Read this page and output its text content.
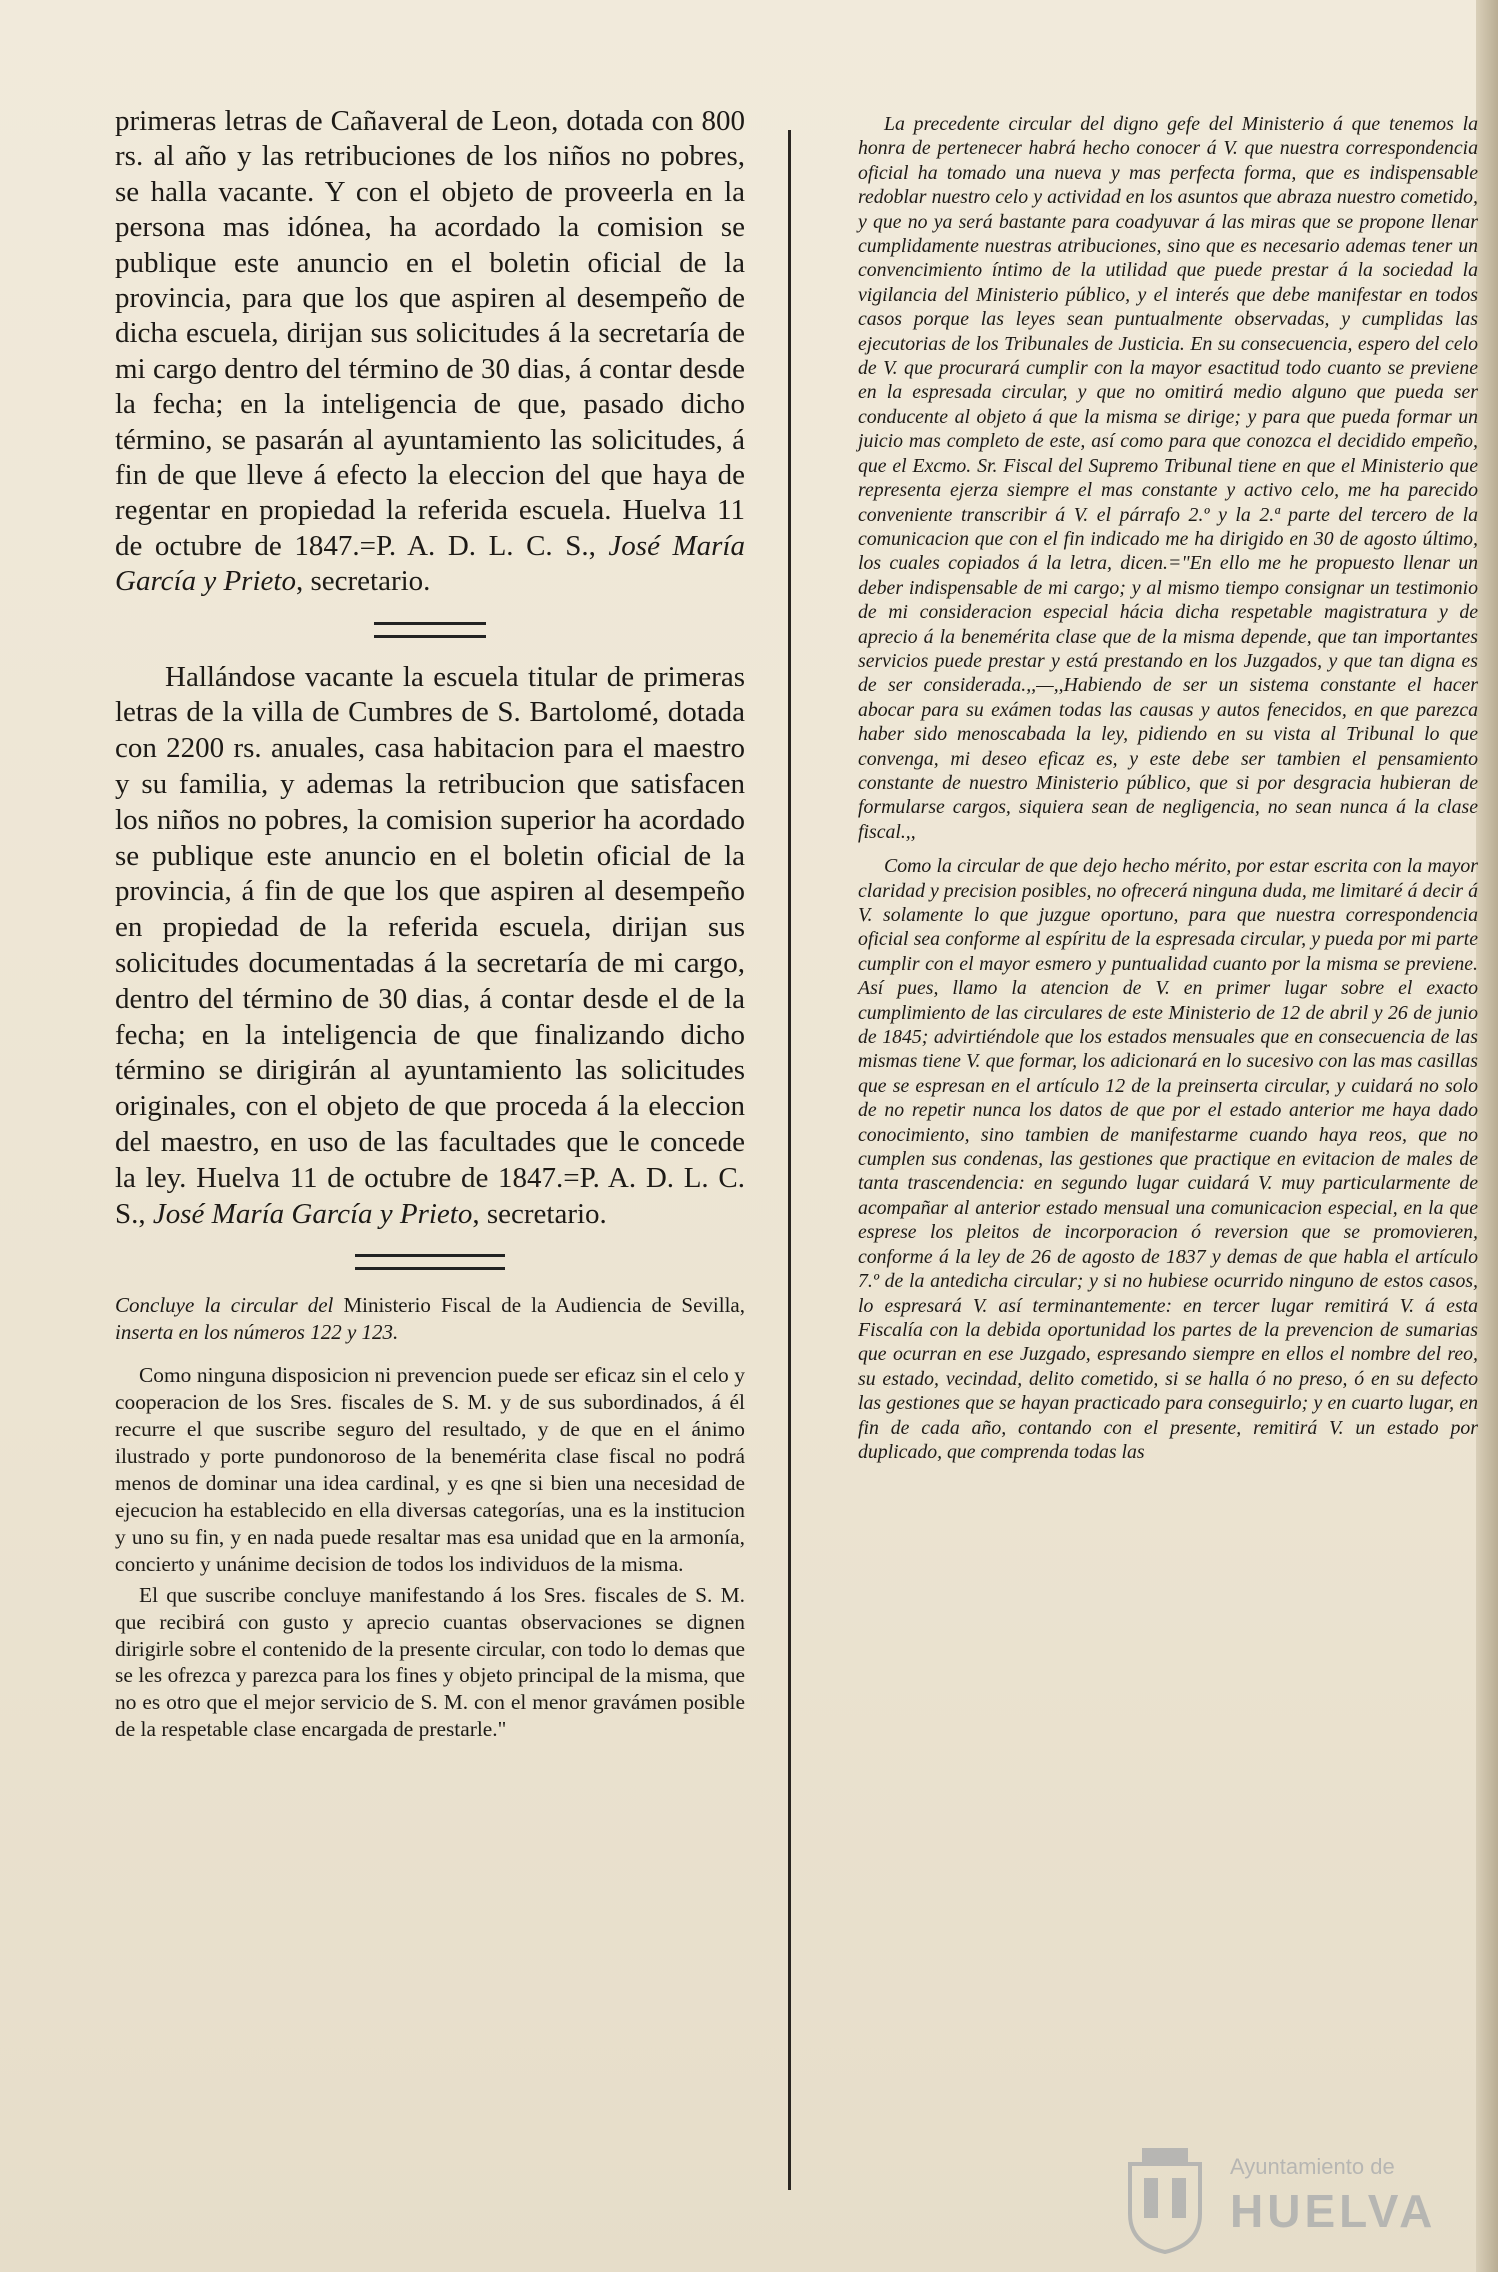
primeras letras de Cañaveral de Leon, dotada con 800 rs. al año y las retribuciones de los niños no pobres, se halla vacante. Y con el objeto de proveerla en la persona mas idónea, ha acordado la comision se publique este anuncio en el boletin oficial de la provincia, para que los que aspiren al desempeño de dicha escuela, dirijan sus solicitudes á la secretaría de mi cargo dentro del término de 30 dias, á contar desde la fecha; en la inteligencia de que, pasado dicho término, se pasarán al ayuntamiento las solicitudes, á fin de que lleve á efecto la eleccion del que haya de regentar en propiedad la referida escuela. Huelva 11 de octubre de 1847.=P. A. D. L. C. S., José María García y Prieto, secretario.

Hallándose vacante la escuela titular de primeras letras de la villa de Cumbres de S. Bartolomé, dotada con 2200 rs. anuales, casa habitacion para el maestro y su familia, y ademas la retribucion que satisfacen los niños no pobres, la comision superior ha acordado se publique este anuncio en el boletin oficial de la provincia, á fin de que los que aspiren al desempeño en propiedad de la referida escuela, dirijan sus solicitudes documentadas á la secretaría de mi cargo, dentro del término de 30 dias, á contar desde el de la fecha; en la inteligencia de que finalizando dicho término se dirigirán al ayuntamiento las solicitudes originales, con el objeto de que proceda á la eleccion del maestro, en uso de las facultades que le concede la ley. Huelva 11 de octubre de 1847.=P. A. D. L. C. S., José María García y Prieto, secretario.

Concluye la circular del Ministerio Fiscal de la Audiencia de Sevilla, inserta en los números 122 y 123.

Como ninguna disposicion ni prevencion puede ser eficaz sin el celo y cooperacion de los Sres. fiscales de S. M. y de sus subordinados, á él recurre el que suscribe seguro del resultado, y de que en el ánimo ilustrado y porte pundonoroso de la benemérita clase fiscal no podrá menos de dominar una idea cardinal, y es qne si bien una necesidad de ejecucion ha establecido en ella diversas categorías, una es la institucion y uno su fin, y en nada puede resaltar mas esa unidad que en la armonía, concierto y unánime decision de todos los individuos de la misma.

El que suscribe concluye manifestando á los Sres. fiscales de S. M. que recibirá con gusto y aprecio cuantas observaciones se dignen dirigirle sobre el contenido de la presente circular, con todo lo demas que se les ofrezca y parezca para los fines y objeto principal de la misma, que no es otro que el mejor servicio de S. M. con el menor gravámen posible de la respetable clase encargada de prestarle."

La precedente circular del digno gefe del Ministerio á que tenemos la honra de pertenecer habrá hecho conocer á V. que nuestra correspondencia oficial ha tomado una nueva y mas perfecta forma, que es indispensable redoblar nuestro celo y actividad en los asuntos que abraza nuestro cometido, y que no ya será bastante para coadyuvar á las miras que se propone llenar cumplidamente nuestras atribuciones, sino que es necesario ademas tener un convencimiento íntimo de la utilidad que puede prestar á la sociedad la vigilancia del Ministerio público, y el interés que debe manifestar en todos casos porque las leyes sean puntualmente observadas, y cumplidas las ejecutorias de los Tribunales de Justicia. En su consecuencia, espero del celo de V. que procurará cumplir con la mayor esactitud todo cuanto se previene en la espresada circular, y que no omitirá medio alguno que pueda ser conducente al objeto á que la misma se dirige; y para que pueda formar un juicio mas completo de este, así como para que conozca el decidido empeño, que el Excmo. Sr. Fiscal del Supremo Tribunal tiene en que el Ministerio que representa ejerza siempre el mas constante y activo celo, me ha parecido conveniente transcribir á V. el párrafo 2.º y la 2.ª parte del tercero de la comunicacion que con el fin indicado me ha dirigido en 30 de agosto último, los cuales copiados á la letra, dicen.="En ello me he propuesto llenar un deber indispensable de mi cargo; y al mismo tiempo consignar un testimonio de mi consideracion especial hácia dicha respetable magistratura y de aprecio á la benemérita clase que de la misma depende, que tan importantes servicios puede prestar y está prestando en los Juzgados, y que tan digna es de ser considerada.,,—,,Habiendo de ser un sistema constante el hacer abocar para su exámen todas las causas y autos fenecidos, en que parezca haber sido menoscabada la ley, pidiendo en su vista al Tribunal lo que convenga, mi deseo eficaz es, y este debe ser tambien el pensamiento constante de nuestro Ministerio público, que si por desgracia hubieran de formularse cargos, siquiera sean de negligencia, no sean nunca á la clase fiscal.,,

Como la circular de que dejo hecho mérito, por estar escrita con la mayor claridad y precision posibles, no ofrecerá ninguna duda, me limitaré á decir á V. solamente lo que juzgue oportuno, para que nuestra correspondencia oficial sea conforme al espíritu de la espresada circular, y pueda por mi parte cumplir con el mayor esmero y puntualidad cuanto por la misma se previene. Así pues, llamo la atencion de V. en primer lugar sobre el exacto cumplimiento de las circulares de este Ministerio de 12 de abril y 26 de junio de 1845; advirtiéndole que los estados mensuales que en consecuencia de las mismas tiene V. que formar, los adicionará en lo sucesivo con las mas casillas que se espresan en el artículo 12 de la preinserta circular, y cuidará no solo de no repetir nunca los datos de que por el estado anterior me haya dado conocimiento, sino tambien de manifestarme cuando haya reos, que no cumplen sus condenas, las gestiones que practique en evitacion de males de tanta trascendencia: en segundo lugar cuidará V. muy particularmente de acompañar al anterior estado mensual una comunicacion especial, en la que esprese los pleitos de incorporacion ó reversion que se promovieren, conforme á la ley de 26 de agosto de 1837 y demas de que habla el artículo 7.º de la antedicha circular; y si no hubiese ocurrido ninguno de estos casos, lo espresará V. así terminantemente: en tercer lugar remitirá V. á esta Fiscalía con la debida oportunidad los partes de la prevencion de sumarias que ocurran en ese Juzgado, espresando siempre en ellos el nombre del reo, su estado, vecindad, delito cometido, si se halla ó no preso, ó en su defecto las gestiones que se hayan practicado para conseguirlo; y en cuarto lugar, en fin de cada año, contando con el presente, remitirá V. un estado por duplicado, que comprenda todas las

Ayuntamiento de
HUELVA
